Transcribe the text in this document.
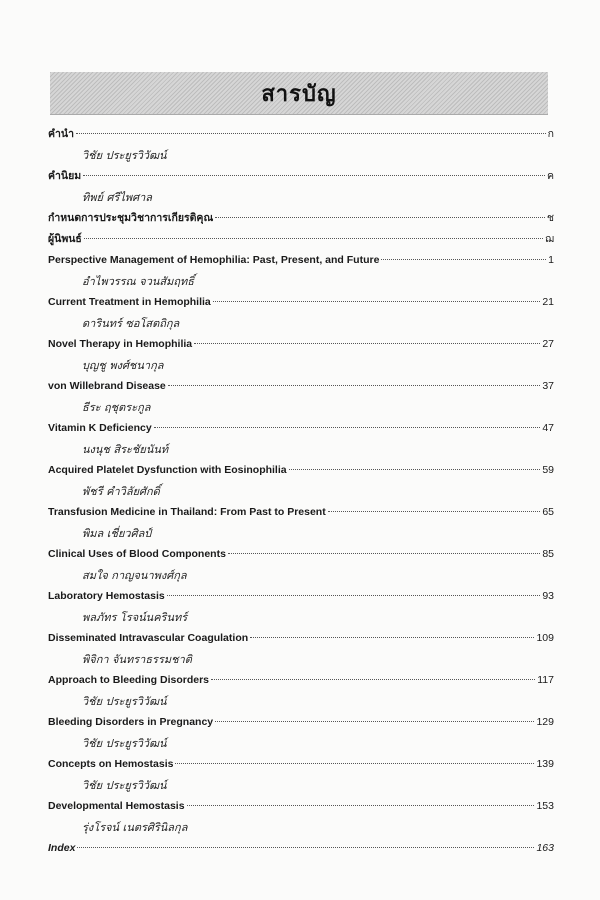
สารบัญ
คำนำ	ก
วิชัย ประยูรวิวัฒน์
คำนิยม	ค
ทิพย์ ศรีไพศาล
กำหนดการประชุมวิชาการเกียรติคุณ	ช
ผู้นิพนธ์	ฌ
Perspective Management of Hemophilia: Past, Present, and Future	1
อำไพวรรณ จวนสัมฤทธิ์
Current Treatment in Hemophilia	21
ดารินทร์ ซอโสตถิกุล
Novel Therapy in Hemophilia	27
บุญชู พงศ์ชนากุล
von Willebrand Disease	37
ธีระ ฤชุตระกูล
Vitamin K Deficiency	47
นงนุช สิระชัยนันท์
Acquired Platelet Dysfunction with Eosinophilia	59
พัชรี คำวิลัยศักดิ์
Transfusion Medicine in Thailand: From Past to Present	65
พิมล เชี่ยวศิลป์
Clinical Uses of Blood Components	85
สมใจ กาญจนาพงศ์กุล
Laboratory Hemostasis	93
พลภัทร โรจน์นครินทร์
Disseminated Intravascular Coagulation	109
พิจิกา จันทราธรรมชาติ
Approach to Bleeding Disorders	117
วิชัย ประยูรวิวัฒน์
Bleeding Disorders in Pregnancy	129
วิชัย ประยูรวิวัฒน์
Concepts on Hemostasis	139
วิชัย ประยูรวิวัฒน์
Developmental Hemostasis	153
รุ่งโรจน์ เนตรศิรินิลกุล
Index	163
